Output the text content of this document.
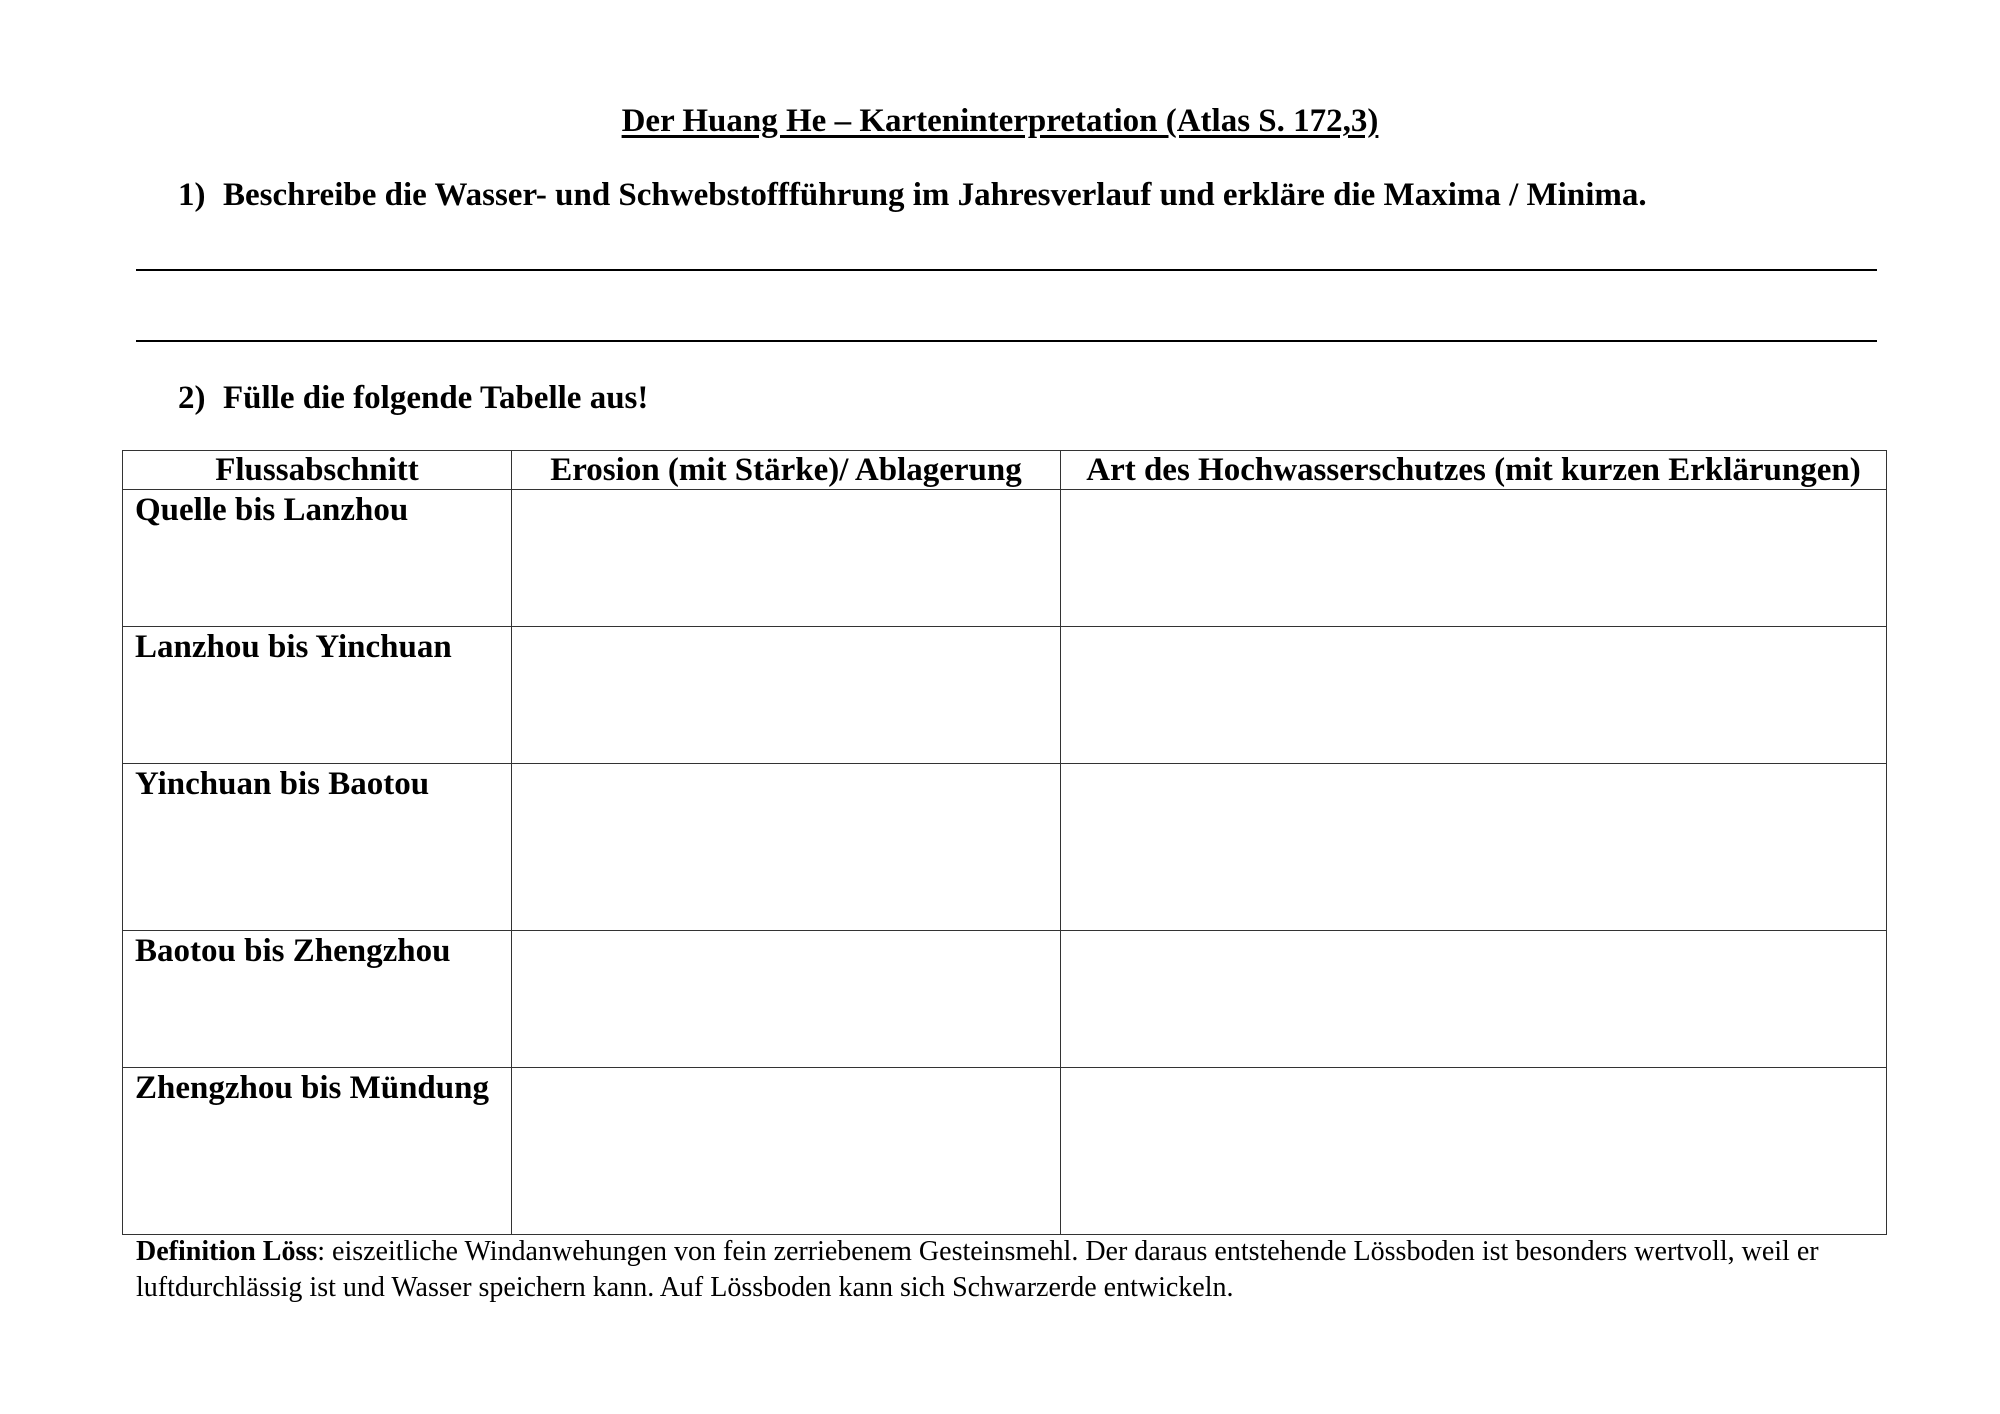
Der Huang He – Karteninterpretation (Atlas S. 172,3)

1) Beschreibe die Wasser- und Schwebstoffführung im Jahresverlauf und erkläre die Maxima / Minima.

2) Fülle die folgende Tabelle aus!

Flussabschnitt	Erosion (mit Stärke)/ Ablagerung	Art des Hochwasserschutzes (mit kurzen Erklärungen)
Quelle bis Lanzhou		
Lanzhou bis Yinchuan		
Yinchuan bis Baotou		
Baotou bis Zhengzhou		
Zhengzhou bis Mündung		

Definition Löss: eiszeitliche Windanwehungen von fein zerriebenem Gesteinsmehl. Der daraus entstehende Lössboden ist besonders wertvoll, weil er luftdurchlässig ist und Wasser speichern kann. Auf Lössboden kann sich Schwarzerde entwickeln.
